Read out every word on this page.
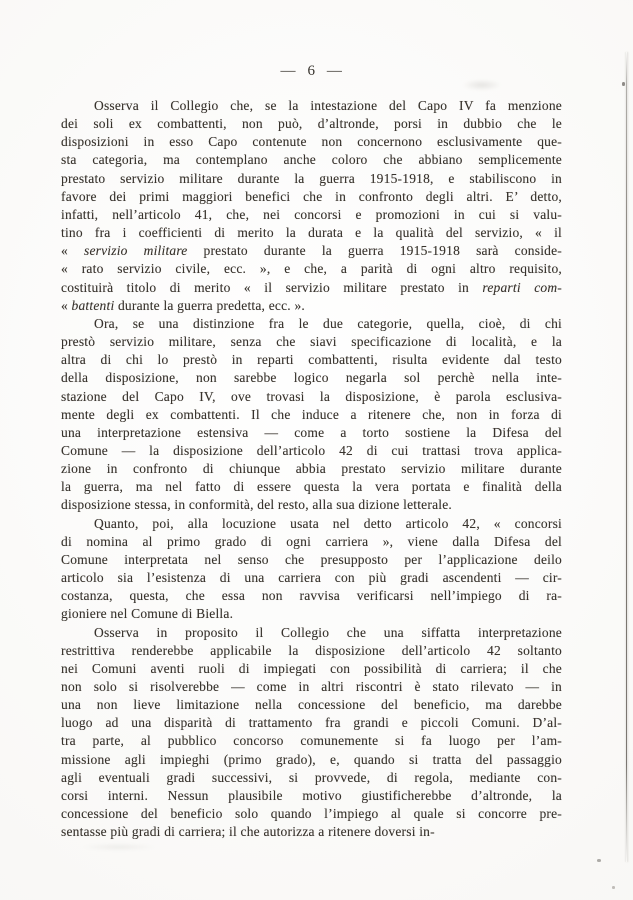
— 6 —
Osserva il Collegio che, se la intestazione del Capo IV fa menzione
dei soli ex combattenti, non può, d’altronde, porsi in dubbio che le
disposizioni in esso Capo contenute non concernono esclusivamente que-
sta categoria, ma contemplano anche coloro che abbiano semplicemente
prestato servizio militare durante la guerra 1915-1918, e stabiliscono in
favore dei primi maggiori benefici che in confronto degli altri. E’ detto,
infatti, nell’articolo 41, che, nei concorsi e promozioni in cui si valu-
tino fra i coefficienti di merito la durata e la qualità del servizio, « il
« servizio militare prestato durante la guerra 1915-1918 sarà conside-
« rato servizio civile, ecc. », e che, a parità di ogni altro requisito,
costituirà titolo di merito « il servizio militare prestato in reparti com-
« battenti durante la guerra predetta, ecc. ».
Ora, se una distinzione fra le due categorie, quella, cioè, di chi
prestò servizio militare, senza che siavi specificazione di località, e la
altra di chi lo prestò in reparti combattenti, risulta evidente dal testo
della disposizione, non sarebbe logico negarla sol perchè nella inte-
stazione del Capo IV, ove trovasi la disposizione, è parola esclusiva-
mente degli ex combattenti. Il che induce a ritenere che, non in forza di
una interpretazione estensiva — come a torto sostiene la Difesa del
Comune — la disposizione dell’articolo 42 di cui trattasi trova applica-
zione in confronto di chiunque abbia prestato servizio militare durante
la guerra, ma nel fatto di essere questa la vera portata e finalità della
disposizione stessa, in conformità, del resto, alla sua dizione letterale.
Quanto, poi, alla locuzione usata nel detto articolo 42, « concorsi
di nomina al primo grado di ogni carriera », viene dalla Difesa del
Comune interpretata nel senso che presupposto per l’applicazione deilo
articolo sia l’esistenza di una carriera con più gradi ascendenti — cir-
costanza, questa, che essa non ravvisa verificarsi nell’impiego di ra-
gioniere nel Comune di Biella.
Osserva in proposito il Collegio che una siffatta interpretazione
restrittiva renderebbe applicabile la disposizione dell’articolo 42 soltanto
nei Comuni aventi ruoli di impiegati con possibilità di carriera; il che
non solo si risolverebbe — come in altri riscontri è stato rilevato — in
una non lieve limitazione nella concessione del beneficio, ma darebbe
luogo ad una disparità di trattamento fra grandi e piccoli Comuni. D’al-
tra parte, al pubblico concorso comunemente si fa luogo per l’am-
missione agli impieghi (primo grado), e, quando si tratta del passaggio
agli eventuali gradi successivi, si provvede, di regola, mediante con-
corsi interni. Nessun plausibile motivo giustificherebbe d’altronde, la
concessione del beneficio solo quando l’impiego al quale si concorre pre-
sentasse più gradi di carriera; il che autorizza a ritenere doversi in-
